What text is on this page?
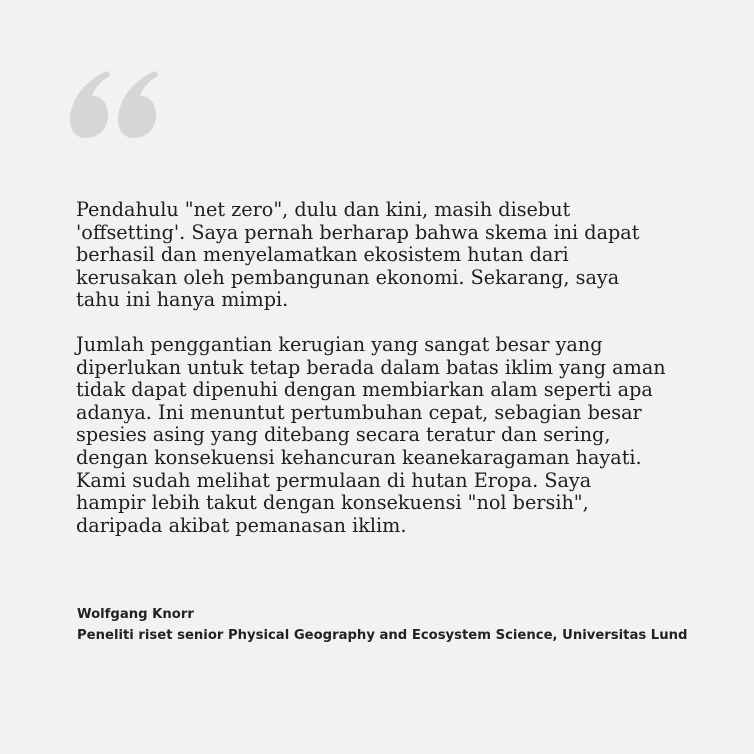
Pendahulu "net zero", dulu dan kini, masih disebut
'offsetting'. Saya pernah berharap bahwa skema ini dapat
berhasil dan menyelamatkan ekosistem hutan dari
kerusakan oleh pembangunan ekonomi. Sekarang, saya
tahu ini hanya mimpi.

Jumlah penggantian kerugian yang sangat besar yang
diperlukan untuk tetap berada dalam batas iklim yang aman
tidak dapat dipenuhi dengan membiarkan alam seperti apa
adanya. Ini menuntut pertumbuhan cepat, sebagian besar
spesies asing yang ditebang secara teratur dan sering,
dengan konsekuensi kehancuran keanekaragaman hayati.
Kami sudah melihat permulaan di hutan Eropa. Saya
hampir lebih takut dengan konsekuensi "nol bersih",
daripada akibat pemanasan iklim.

Wolfgang Knorr
Peneliti riset senior Physical Geography and Ecosystem Science, Universitas Lund
